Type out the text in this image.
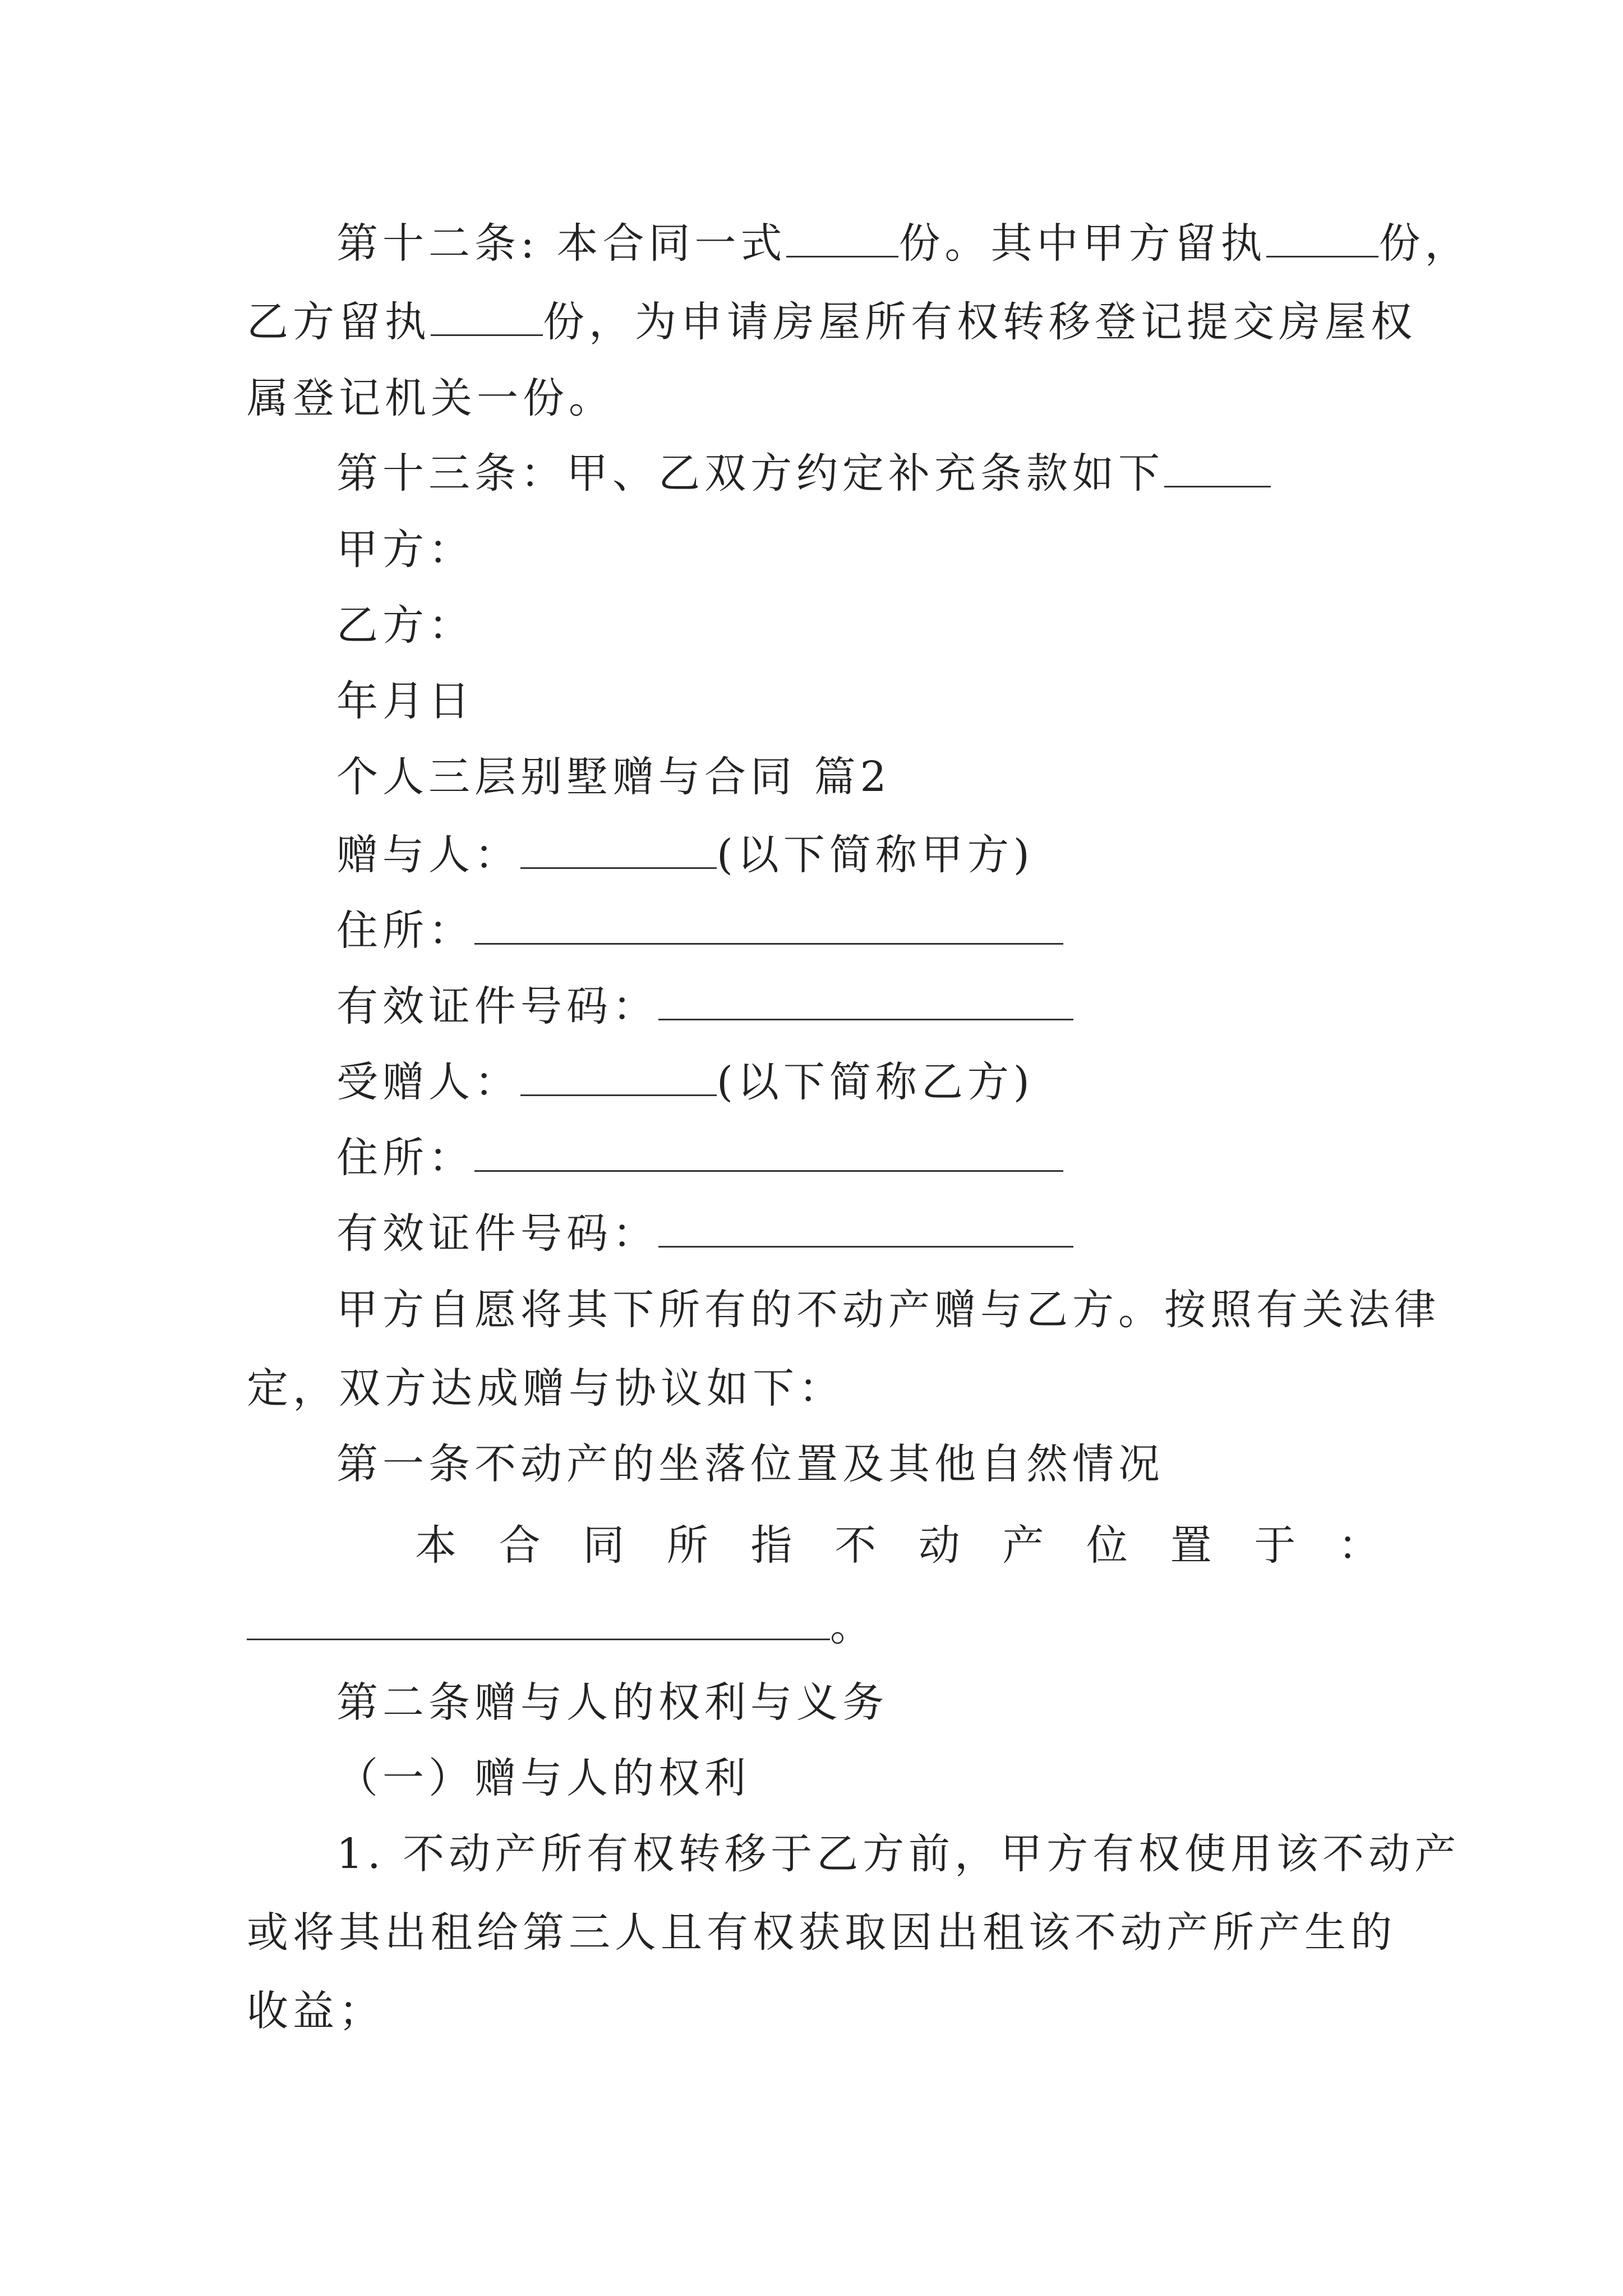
第十二条: 本合同一式	份。其中甲方留执	份，
乙方留执	份，为申请房屋所有权转移登记提交房屋权
属登记机关一份。
第十三条：甲、乙双方约定补充条款如下
甲方：
乙方：
年月日
个人三层别墅赠与合同 篇2
赠与人：	(以下简称甲方)
住所：
有效证件号码：
受赠人：	(以下简称乙方)
住所：
有效证件号码：
甲方自愿将其下所有的不动产赠与乙方。按照有关法律
定，双方达成赠与协议如下：
第一条不动产的坐落位置及其他自然情况
本 合 同 所 指 不 动 产 位 置 于 ：
。
第二条赠与人的权利与义务
（一）赠与人的权利
1. 不动产所有权转移于乙方前，甲方有权使用该不动产
或将其出租给第三人且有权获取因出租该不动产所产生的
收益；
